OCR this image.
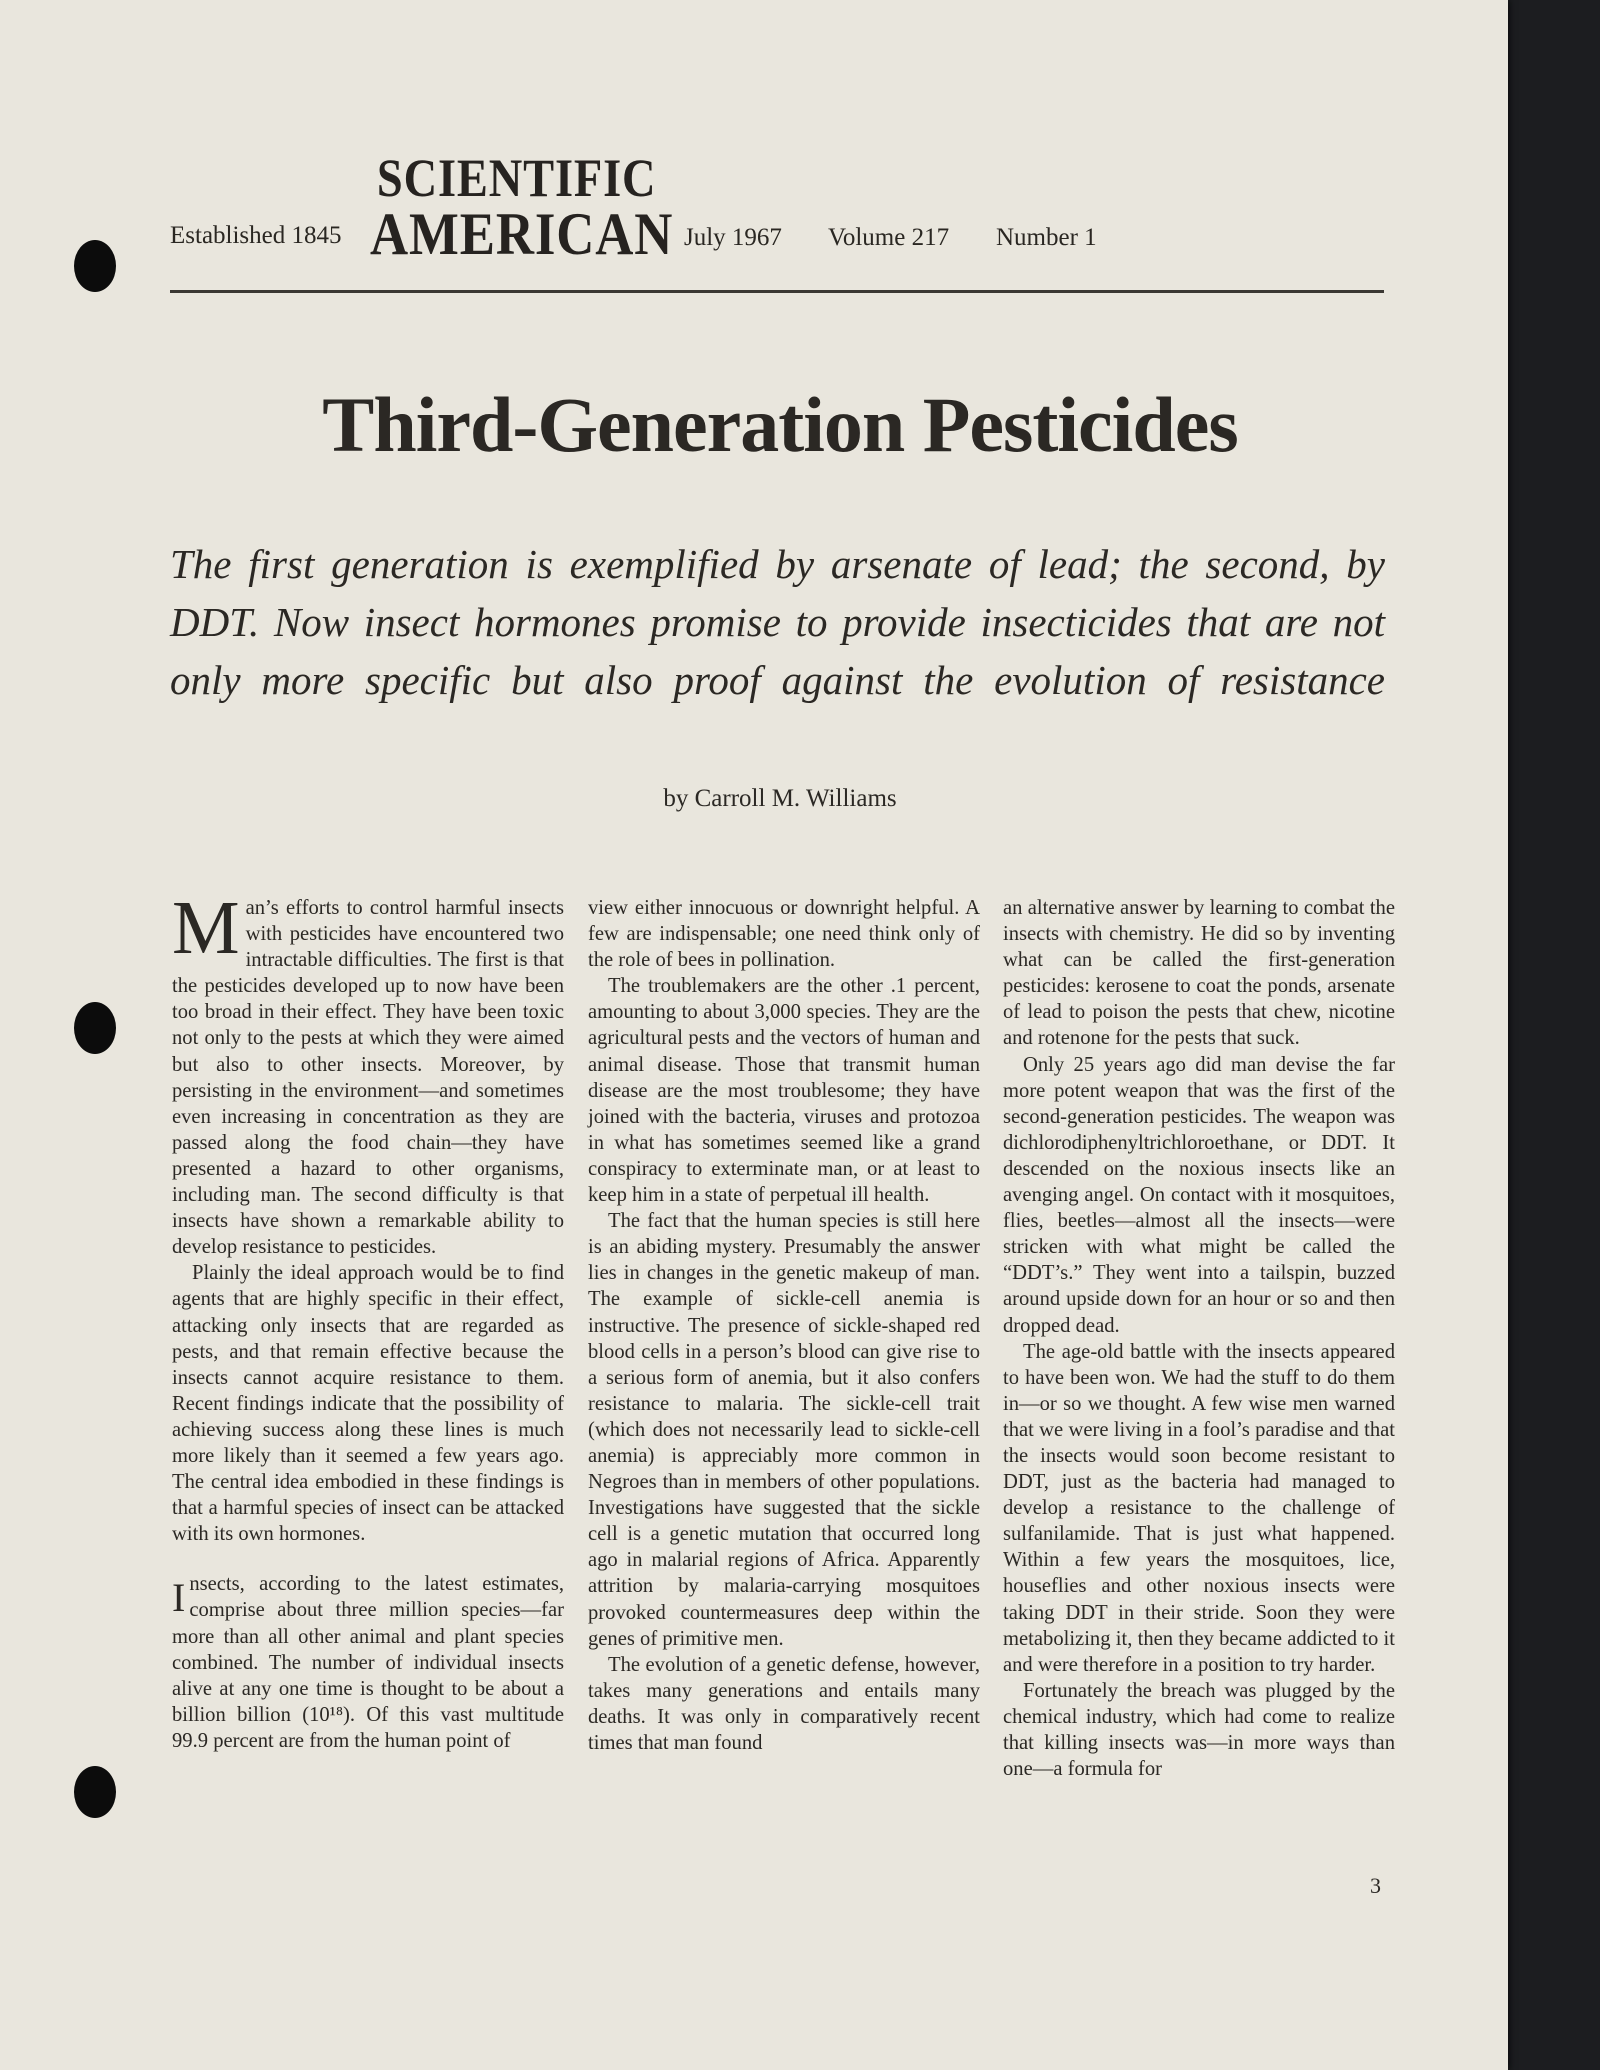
Established 1845
SCIENTIFIC
AMERICAN July 1967 Volume 217 Number 1
Third-Generation Pesticides
The first generation is exemplified by arsenate of lead; the second, by DDT. Now insect hormones promise to provide insecticides that are not only more specific but also proof against the evolution of resistance
by Carroll M. Williams

Man’s efforts to control harmful insects with pesticides have encountered two intractable difficulties. The first is that the pesticides developed up to now have been too broad in their effect. They have been toxic not only to the pests at which they were aimed but also to other insects. Moreover, by persisting in the environment—and sometimes even increasing in concentration as they are passed along the food chain—they have presented a hazard to other organisms, including man. The second difficulty is that insects have shown a remarkable ability to develop resistance to pesticides.

Plainly the ideal approach would be to find agents that are highly specific in their effect, attacking only insects that are regarded as pests, and that remain effective because the insects cannot acquire resistance to them. Recent findings indicate that the possibility of achieving success along these lines is much more likely than it seemed a few years ago. The central idea embodied in these findings is that a harmful species of insect can be attacked with its own hormones.

Insects, according to the latest estimates, comprise about three million species—far more than all other animal and plant species combined. The number of individual insects alive at any one time is thought to be about a billion billion (10¹⁸). Of this vast multitude 99.9 percent are from the human point of

view either innocuous or downright helpful. A few are indispensable; one need think only of the role of bees in pollination.

The troublemakers are the other .1 percent, amounting to about 3,000 species. They are the agricultural pests and the vectors of human and animal disease. Those that transmit human disease are the most troublesome; they have joined with the bacteria, viruses and protozoa in what has sometimes seemed like a grand conspiracy to exterminate man, or at least to keep him in a state of perpetual ill health.

The fact that the human species is still here is an abiding mystery. Presumably the answer lies in changes in the genetic makeup of man. The example of sickle-cell anemia is instructive. The presence of sickle-shaped red blood cells in a person’s blood can give rise to a serious form of anemia, but it also confers resistance to malaria. The sickle-cell trait (which does not necessarily lead to sickle-cell anemia) is appreciably more common in Negroes than in members of other populations. Investigations have suggested that the sickle cell is a genetic mutation that occurred long ago in malarial regions of Africa. Apparently attrition by malaria-carrying mosquitoes provoked countermeasures deep within the genes of primitive men.

The evolution of a genetic defense, however, takes many generations and entails many deaths. It was only in comparatively recent times that man found

an alternative answer by learning to combat the insects with chemistry. He did so by inventing what can be called the first-generation pesticides: kerosene to coat the ponds, arsenate of lead to poison the pests that chew, nicotine and rotenone for the pests that suck.

Only 25 years ago did man devise the far more potent weapon that was the first of the second-generation pesticides. The weapon was dichlorodiphenyltrichloroethane, or DDT. It descended on the noxious insects like an avenging angel. On contact with it mosquitoes, flies, beetles—almost all the insects—were stricken with what might be called the “DDT’s.” They went into a tailspin, buzzed around upside down for an hour or so and then dropped dead.

The age-old battle with the insects appeared to have been won. We had the stuff to do them in—or so we thought. A few wise men warned that we were living in a fool’s paradise and that the insects would soon become resistant to DDT, just as the bacteria had managed to develop a resistance to the challenge of sulfanilamide. That is just what happened. Within a few years the mosquitoes, lice, houseflies and other noxious insects were taking DDT in their stride. Soon they were metabolizing it, then they became addicted to it and were therefore in a position to try harder.

Fortunately the breach was plugged by the chemical industry, which had come to realize that killing insects was—in more ways than one—a formula for

3
